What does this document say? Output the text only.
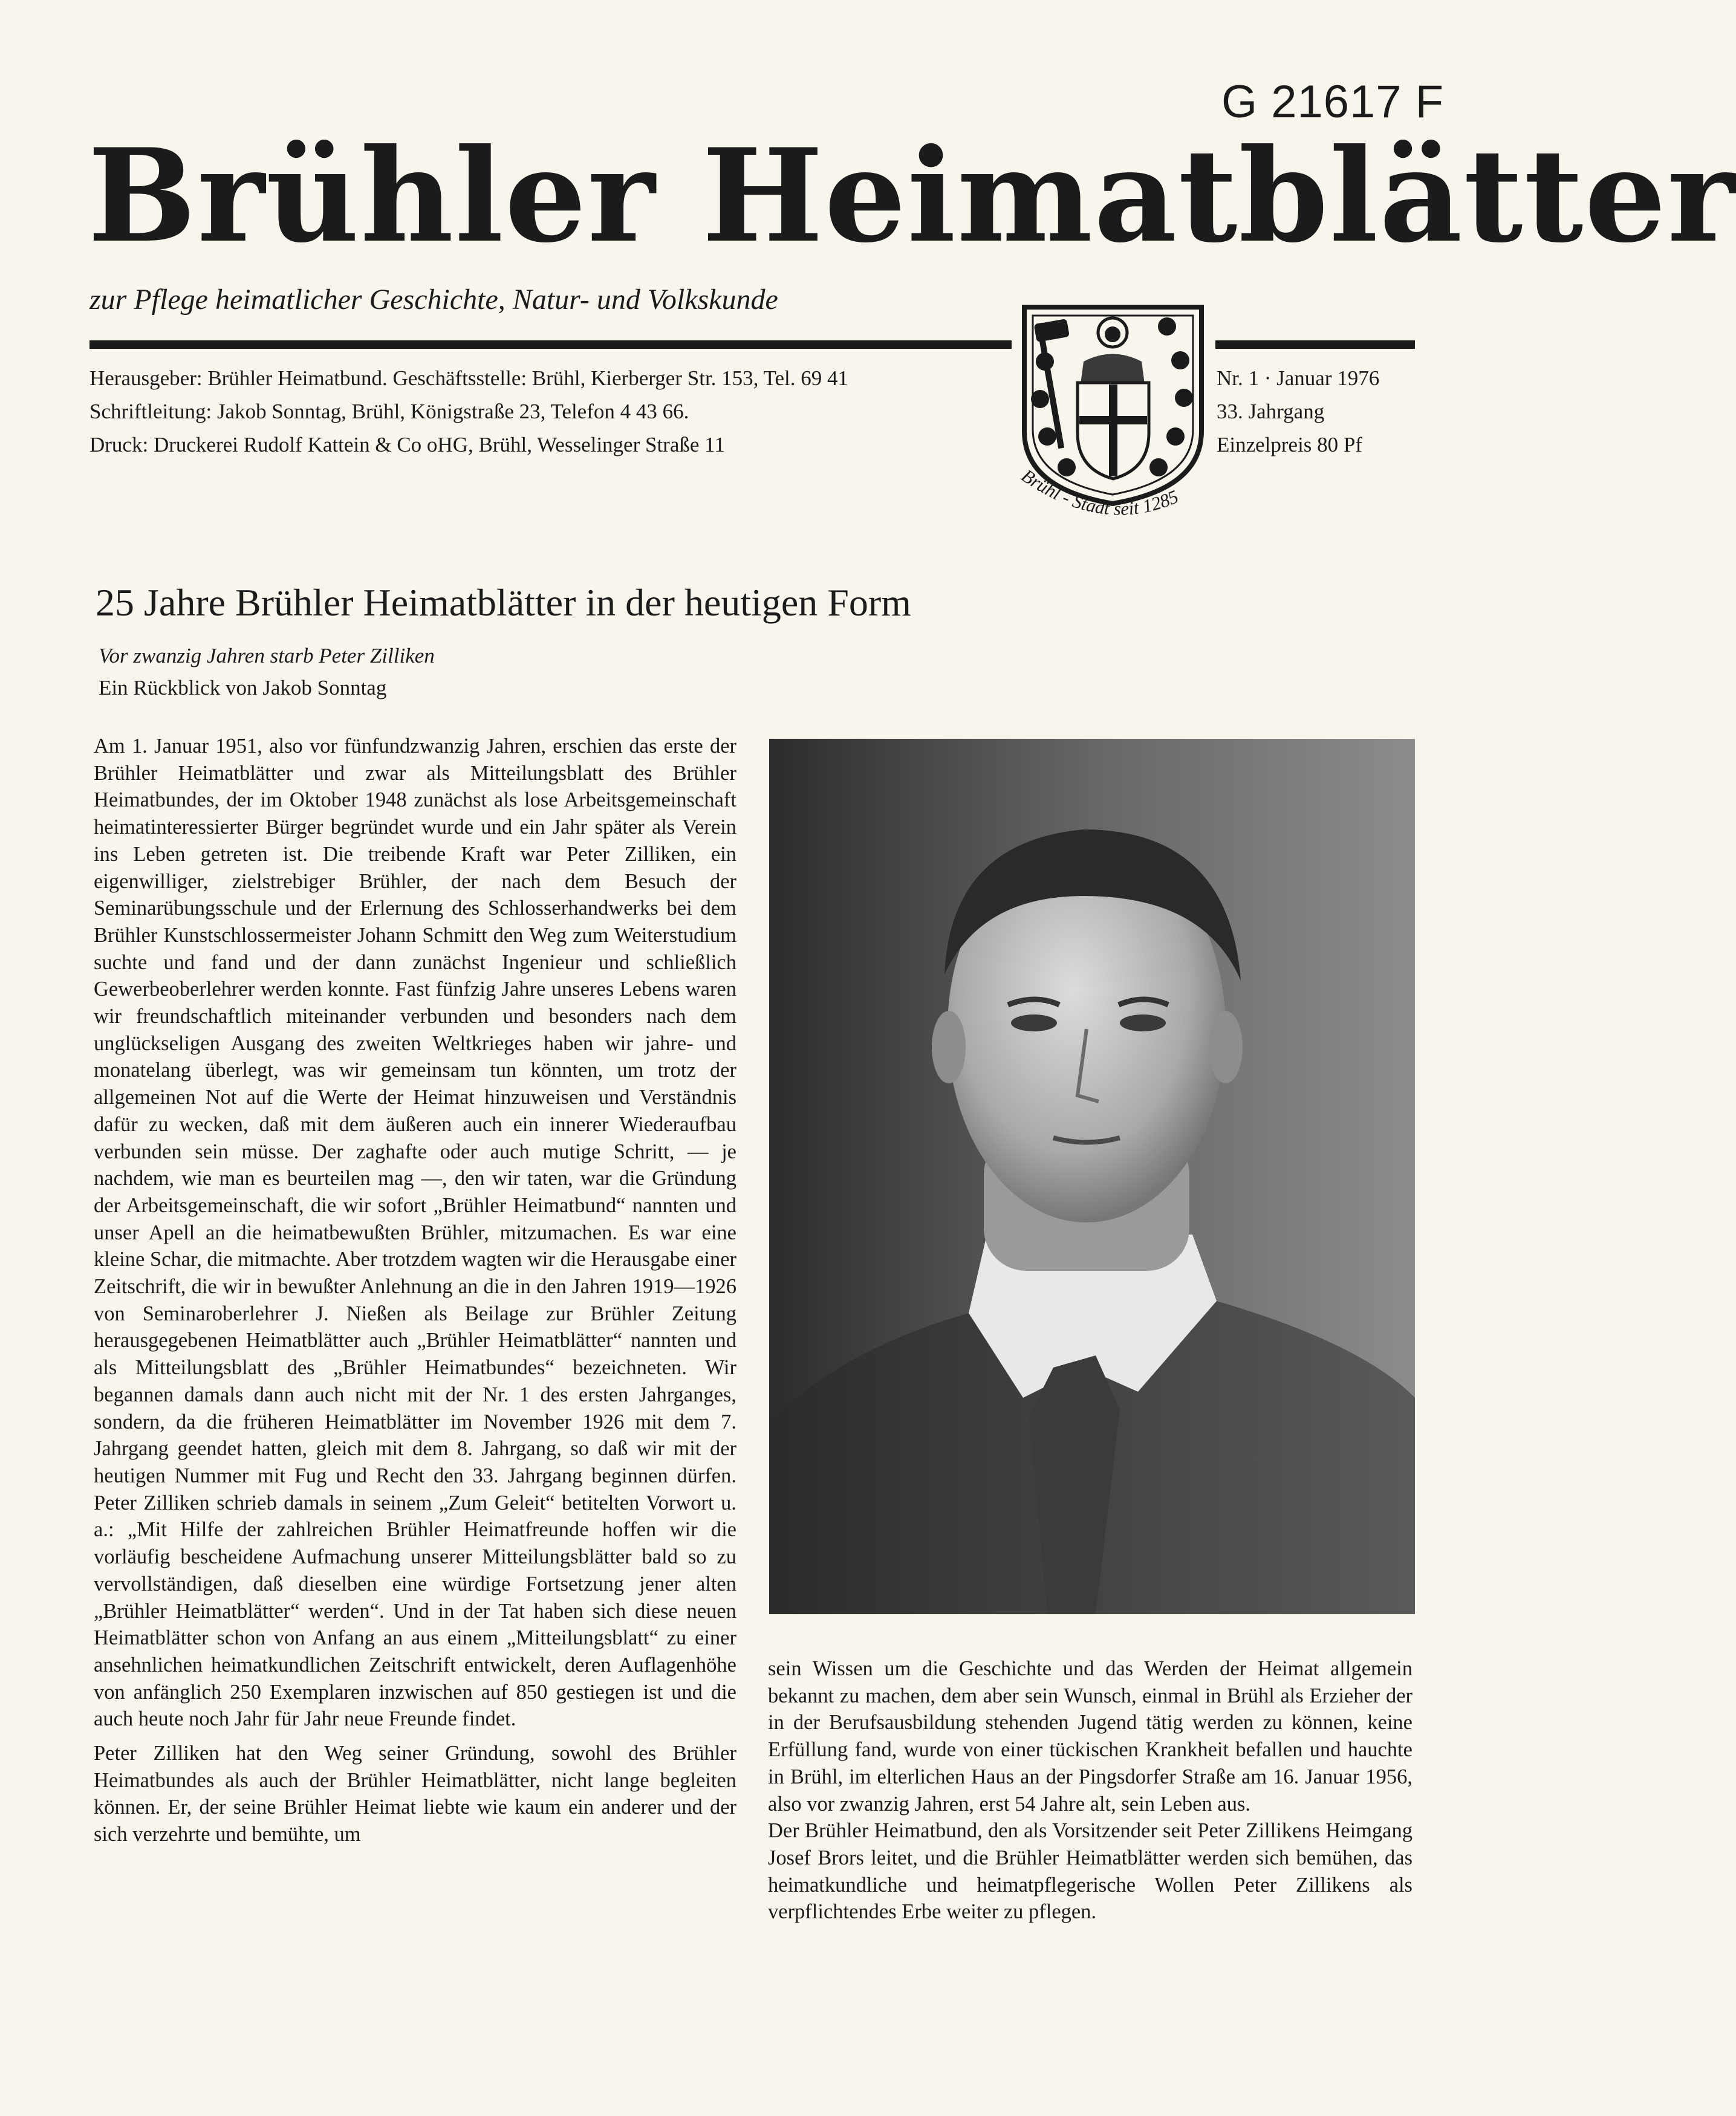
G 21617 F
Brühler Heimatblätter
zur Pflege heimatlicher Geschichte, Natur- und Volkskunde
Herausgeber: Brühler Heimatbund. Geschäftsstelle: Brühl, Kierberger Str. 153, Tel. 69 41
Schriftleitung: Jakob Sonntag, Brühl, Königstraße 23, Telefon 4 43 66.
Druck: Druckerei Rudolf Kattein & Co oHG, Brühl, Wesselinger Straße 11
Nr. 1 · Januar 1976
33. Jahrgang
Einzelpreis 80 Pf
Brühl - Stadt seit 1285
25 Jahre Brühler Heimatblätter in der heutigen Form
Vor zwanzig Jahren starb Peter Zilliken
Ein Rückblick von Jakob Sonntag

Am 1. Januar 1951, also vor fünfundzwanzig Jahren, erschien das erste der Brühler Heimatblätter und zwar als Mitteilungsblatt des Brühler Heimatbundes, der im Oktober 1948 zunächst als lose Arbeitsgemeinschaft heimatinteressierter Bürger begründet wurde und ein Jahr später als Verein ins Leben getreten ist. Die treibende Kraft war Peter Zilliken, ein eigenwilliger, zielstrebiger Brühler, der nach dem Besuch der Seminarübungsschule und der Erlernung des Schlosserhandwerks bei dem Brühler Kunstschlossermeister Johann Schmitt den Weg zum Weiterstudium suchte und fand und der dann zunächst Ingenieur und schließlich Gewerbeoberlehrer werden konnte. Fast fünfzig Jahre unseres Lebens waren wir freundschaftlich miteinander verbunden und besonders nach dem unglückseligen Ausgang des zweiten Weltkrieges haben wir jahre- und monatelang überlegt, was wir gemeinsam tun könnten, um trotz der allgemeinen Not auf die Werte der Heimat hinzuweisen und Verständnis dafür zu wecken, daß mit dem äußeren auch ein innerer Wiederaufbau verbunden sein müsse. Der zaghafte oder auch mutige Schritt, — je nachdem, wie man es beurteilen mag —, den wir taten, war die Gründung der Arbeitsgemeinschaft, die wir sofort „Brühler Heimatbund“ nannten und unser Apell an die heimatbewußten Brühler, mitzumachen. Es war eine kleine Schar, die mitmachte. Aber trotzdem wagten wir die Herausgabe einer Zeitschrift, die wir in bewußter Anlehnung an die in den Jahren 1919—1926 von Seminaroberlehrer J. Nießen als Beilage zur Brühler Zeitung herausgegebenen Heimatblätter auch „Brühler Heimatblätter“ nannten und als Mitteilungsblatt des „Brühler Heimatbundes“ bezeichneten. Wir begannen damals dann auch nicht mit der Nr. 1 des ersten Jahrganges, sondern, da die früheren Heimatblätter im November 1926 mit dem 7. Jahrgang geendet hatten, gleich mit dem 8. Jahrgang, so daß wir mit der heutigen Nummer mit Fug und Recht den 33. Jahrgang beginnen dürfen. Peter Zilliken schrieb damals in seinem „Zum Geleit“ betitelten Vorwort u. a.: „Mit Hilfe der zahlreichen Brühler Heimatfreunde hoffen wir die vorläufig bescheidene Aufmachung unserer Mitteilungsblätter bald so zu vervollständigen, daß dieselben eine würdige Fortsetzung jener alten „Brühler Heimatblätter“ werden“. Und in der Tat haben sich diese neuen Heimatblätter schon von Anfang an aus einem „Mitteilungsblatt“ zu einer ansehnlichen heimatkundlichen Zeitschrift entwickelt, deren Auflagenhöhe von anfänglich 250 Exemplaren inzwischen auf 850 gestiegen ist und die auch heute noch Jahr für Jahr neue Freunde findet.

Peter Zilliken hat den Weg seiner Gründung, sowohl des Brühler Heimatbundes als auch der Brühler Heimatblätter, nicht lange begleiten können. Er, der seine Brühler Heimat liebte wie kaum ein anderer und der sich verzehrte und bemühte, um

sein Wissen um die Geschichte und das Werden der Heimat allgemein bekannt zu machen, dem aber sein Wunsch, einmal in Brühl als Erzieher der in der Berufsausbildung stehenden Jugend tätig werden zu können, keine Erfüllung fand, wurde von einer tückischen Krankheit befallen und hauchte in Brühl, im elterlichen Haus an der Pingsdorfer Straße am 16. Januar 1956, also vor zwanzig Jahren, erst 54 Jahre alt, sein Leben aus.

Der Brühler Heimatbund, den als Vorsitzender seit Peter Zillikens Heimgang Josef Brors leitet, und die Brühler Heimatblätter werden sich bemühen, das heimatkundliche und heimatpflegerische Wollen Peter Zillikens als verpflichtendes Erbe weiter zu pflegen.
